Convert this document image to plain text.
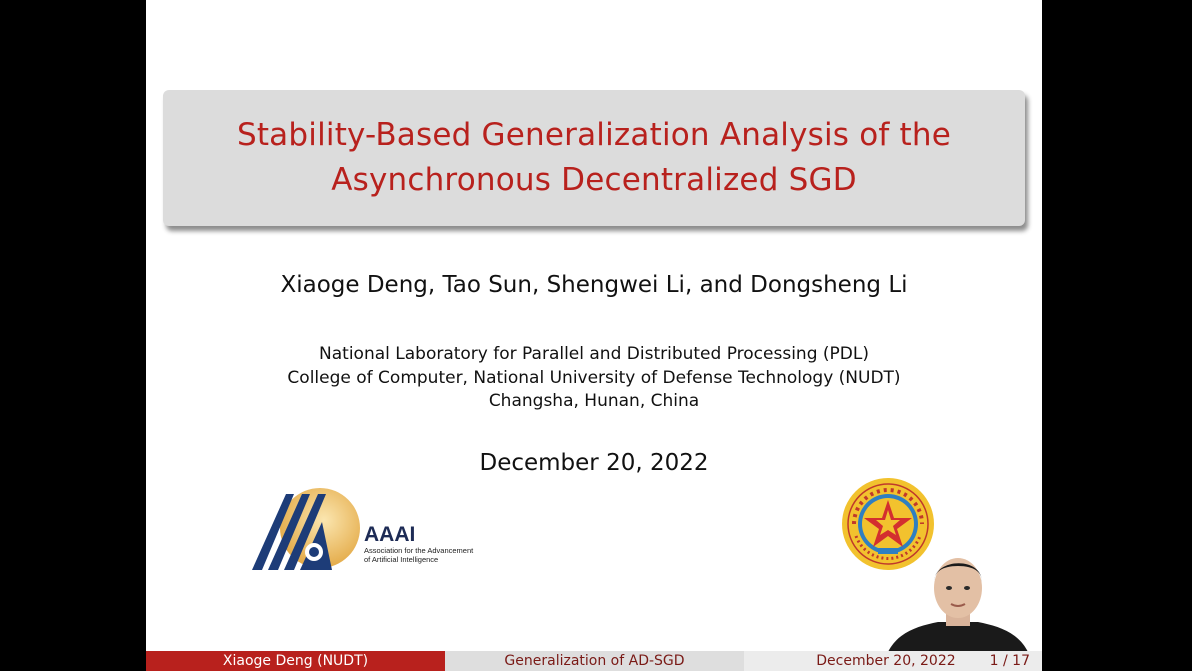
Stability-Based Generalization Analysis of the
Asynchronous Decentralized SGD
Xiaoge Deng, Tao Sun, Shengwei Li, and Dongsheng Li
National Laboratory for Parallel and Distributed Processing (PDL)
College of Computer, National University of Defense Technology (NUDT)
Changsha, Hunan, China
December 20, 2022
AAAI
Association for the Advancement of Artificial Intelligence
Xiaoge Deng (NUDT)	Generalization of AD-SGD	December 20, 2022 1 / 17
